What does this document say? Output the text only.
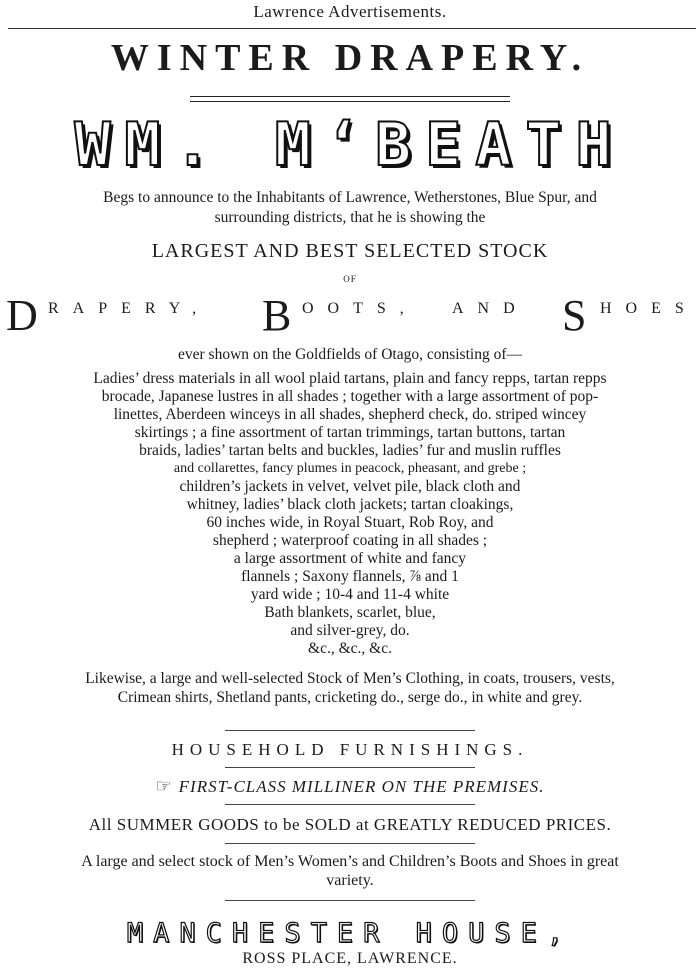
Lawrence Advertisements.
WINTER DRAPERY.
WM. M‘BEATH
Begs to announce to the Inhabitants of Lawrence, Wetherstones, Blue Spur, and
surrounding districts, that he is showing the
LARGEST AND BEST SELECTED STOCK
OF
D RAPERY, B OOTS, AND S HOES
ever shown on the Goldfields of Otago, consisting of—
Ladies’ dress materials in all wool plaid tartans, plain and fancy repps, tartan repps
brocade, Japanese lustres in all shades ; together with a large assortment of pop-
linettes, Aberdeen winceys in all shades, shepherd check, do. striped wincey
skirtings ; a fine assortment of tartan trimmings, tartan buttons, tartan
braids, ladies’ tartan belts and buckles, ladies’ fur and muslin ruffles
and collarettes, fancy plumes in peacock, pheasant, and grebe ;
children’s jackets in velvet, velvet pile, black cloth and
whitney, ladies’ black cloth jackets; tartan cloakings,
60 inches wide, in Royal Stuart, Rob Roy, and
shepherd ; waterproof coating in all shades ;
a large assortment of white and fancy
flannels ; Saxony flannels, ⅞ and 1
yard wide ; 10-4 and 11-4 white
Bath blankets, scarlet, blue,
and silver-grey, do.
&c., &c., &c.
Likewise, a large and well-selected Stock of Men’s Clothing, in coats, trousers, vests,
Crimean shirts, Shetland pants, cricketing do., serge do., in white and grey.
HOUSEHOLD FURNISHINGS.
☞ FIRST-CLASS MILLINER ON THE PREMISES.
All SUMMER GOODS to be SOLD at GREATLY REDUCED PRICES.
A large and select stock of Men’s Women’s and Children’s Boots and Shoes in great
variety.
MANCHESTER HOUSE,
ROSS PLACE, LAWRENCE.
